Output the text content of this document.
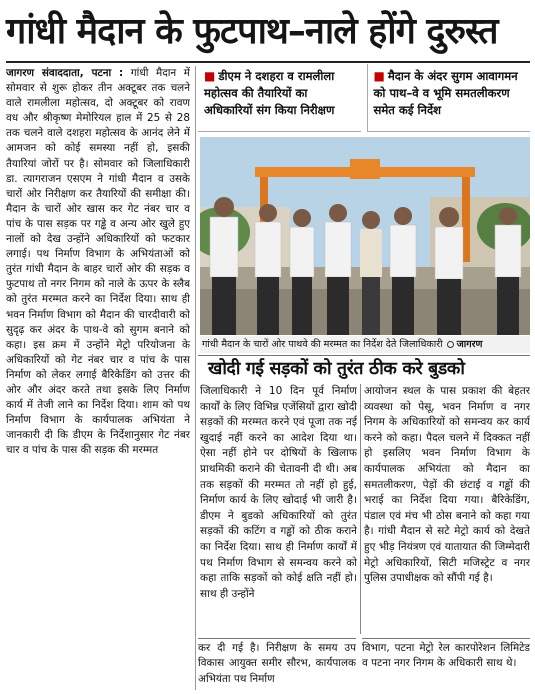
गांधी मैदान के फुटपाथ–नाले होंगे दुरुस्त
जागरण संवाददाता, पटना : गांधी मैदान में सोमवार से शुरू होकर तीन अक्टूबर तक चलने वाले रामलीला महोत्सव, दो अक्टूबर को रावण वध और श्रीकृष्ण मेमोरियल हाल में 25 से 28 तक चलने वाले दशहरा महोत्सव के आनंद लेने में आमजन को कोई समस्या नहीं हो, इसकी तैयारियां जोरों पर है। सोमवार को जिलाधिकारी डा. त्यागराजन एसएम ने गांधी मैदान व उसके चारों ओर निरीक्षण कर तैयारियों की समीक्षा की। मैदान के चारों ओर खास कर गेट नंबर चार व पांच के पास सड़क पर गड्ढे व अन्य ओर खुले हुए नालों को देख उन्होंने अधिकारियों को फटकार लगाई। पथ निर्माण विभाग के अभियंताओं को तुरंत गांधी मैदान के बाहर चारों ओर की सड़क व फुटपाथ तो नगर निगम को नाले के ऊपर के स्लैब को तुरंत मरम्मत करने का निर्देश दिया। साथ ही भवन निर्माण विभाग को मैदान की चारदीवारी को सुदृढ़ कर अंदर के पाथ-वे को सुगम बनाने को कहा। इस क्रम में उन्होंने मेट्रो परियोजना के अधिकारियों को गेट नंबर चार व पांच के पास निर्माण को लेकर लगाई बैरिकेडिंग को उत्तर की ओर और अंदर करते तथा इसके लिए निर्माण कार्य में तेजी लाने का निर्देश दिया। शाम को पथ निर्माण विभाग के कार्यपालक अभियंता ने जानकारी दी कि डीएम के निर्देशानुसार गेट नंबर चार व पांच के पास की सड़क की मरम्मत
■ डीएम ने दशहरा व रामलीला महोत्सव की तैयारियों का अधिकारियों संग किया निरीक्षण
■ मैदान के अंदर सुगम आवागमन को पाथ–वे व भूमि समतलीकरण समेत कई निर्देश
गांधी मैदान के चारों ओर पाथवे की मरम्मत का निर्देश देते जिलाधिकारी जागरण
खोदी गई सड़कों को तुरंत ठीक करे बुडको
जिलाधिकारी ने 10 दिन पूर्व निर्माण कार्यों के लिए विभिन्न एजेंसियों द्वारा खोदी सड़कों की मरम्मत करने एवं पूजा तक नई खुदाई नहीं करने का आदेश दिया था। ऐसा नहीं होने पर दोषियों के खिलाफ प्राथमिकी कराने की चेतावनी दी थी। अब तक सड़कों की मरम्मत तो नहीं हो हुई, निर्माण कार्य के लिए खोदाई भी जारी है। डीएम ने बुडको अधिकारियों को तुरंत सड़कों की कटिंग व गड्ढों को ठीक कराने का निर्देश दिया। साथ ही निर्माण कार्यों में पथ निर्माण विभाग से समन्वय करने को कहा ताकि सड़कों को कोई क्षति नहीं हो। साथ ही उन्होंने
आयोजन स्थल के पास प्रकाश की बेहतर व्यवस्था को पेसू, भवन निर्माण व नगर निगम के अधिकारियों को समन्वय कर कार्य करने को कहा। पैदल चलने में दिक्कत नहीं हो इसलिए भवन निर्माण विभाग के कार्यपालक अभियंता को मैदान का समतलीकरण, पेड़ों की छंटाई व गड्ढों की भराई का निर्देश दिया गया। बैरिकेडिंग, पंडाल एवं मंच भी ठोस बनाने को कहा गया है। गांधी मैदान से सटे मेट्रो कार्य को देखते हुए भीड़ नियंत्रण एवं यातायात की जिम्मेदारी मेट्रो अधिकारियों, सिटी मजिस्ट्रेट व नगर पुलिस उपाधीक्षक को सौंपी गई है।
कर दी गई है। निरीक्षण के समय उप विकास आयुक्त समीर सौरभ, कार्यपालक अभियंता पथ निर्माण
विभाग, पटना मेट्रो रेल कारपोरेशन लिमिटेड व पटना नगर निगम के अधिकारी साथ थे।
